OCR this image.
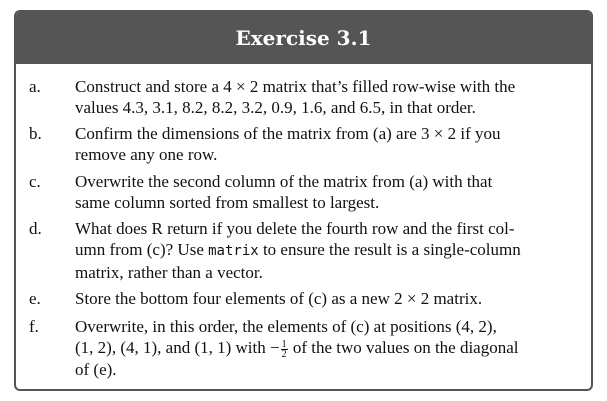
Exercise 3.1
a.	Construct and store a 4 × 2 matrix that’s filled row-wise with the
values 4.3, 3.1, 8.2, 8.2, 3.2, 0.9, 1.6, and 6.5, in that order.
b.	Confirm the dimensions of the matrix from (a) are 3 × 2 if you
remove any one row.
c.	Overwrite the second column of the matrix from (a) with that
same column sorted from smallest to largest.
d.	What does R return if you delete the fourth row and the first col-
umn from (c)? Use matrix to ensure the result is a single-column
matrix, rather than a vector.
e.	Store the bottom four elements of (c) as a new 2 × 2 matrix.
f.	Overwrite, in this order, the elements of (c) at positions (4, 2),
(1, 2), (4, 1), and (1, 1) with − $\frac{1}{2}$ of the two values on the diagonal
of (e).
